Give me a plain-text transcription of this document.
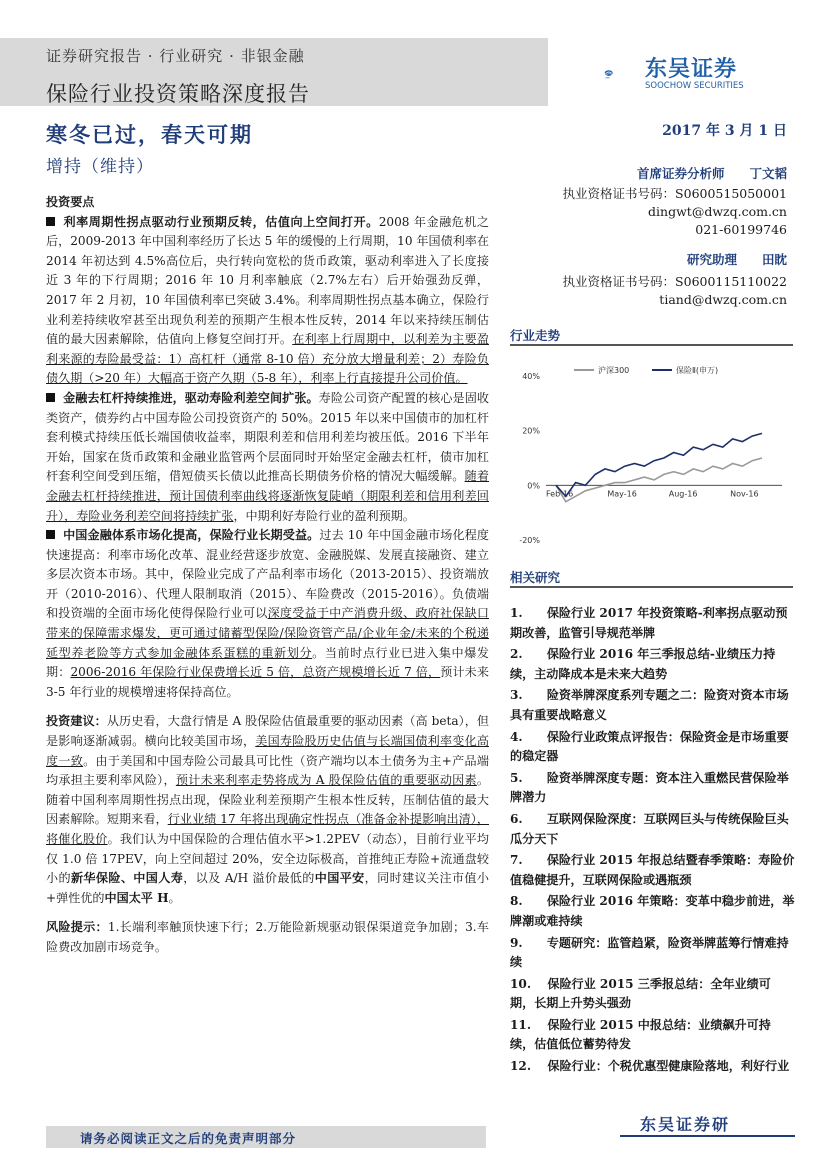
证券研究报告 · 行业研究 · 非银金融
保险行业投资策略深度报告
SCS 东吴证券
SOOCHOW SECURITIES
寒冬已过，春天可期
增持（维持）
2017 年 3 月 1 日
首席证券分析师　　 丁文韬
执业资格证书号码：S0600515050001
dingwt@dwzq.com.cn
021-60199746
研究助理　　 田眈
执业资格证书号码：S0600115110022
tiand@dwzq.com.cn
行业走势
40%
20%
0%
-20%
Feb-16	May-16	Aug-16	Nov-16
沪深300	保险Ⅱ(申万)
相关研究
1.　　保险行业 2017 年投资策略-利率拐点驱动预期改善，监管引导规范举牌
2.　　保险行业 2016 年三季报总结-业绩压力持续，主动降成本是未来大趋势
3.　　险资举牌深度系列专题之二：险资对资本市场具有重要战略意义
4.　　保险行业政策点评报告：保险资金是市场重要的稳定器
5.　　险资举牌深度专题：资本注入重燃民营保险举牌潜力
6.　　互联网保险深度：互联网巨头与传统保险巨头瓜分天下
7.　　保险行业 2015 年报总结暨春季策略：寿险价值稳健提升，互联网保险或遇瓶颈
8.　　保险行业 2016 年策略：变革中稳步前进，举牌潮或难持续
9.　　专题研究：监管趋紧，险资举牌蓝筹行情难持续
10.　 保险行业 2015 三季报总结：全年业绩可期，长期上升势头强劲
11.　 保险行业 2015 中报总结：业绩飙升可持续，估值低位蓄势待发
12.　 保险行业：个税优惠型健康险落地，利好行业

投资要点

利率周期性拐点驱动行业预期反转，估值向上空间打开。2008 年金融危机之后，2009-2013 年中国利率经历了长达 5 年的缓慢的上行周期，10 年国债利率在 2014 年初达到 4.5%高位后，央行转向宽松的货币政策，驱动利率进入了长度接近 3 年的下行周期；2016 年 10 月利率触底（2.7%左右）后开始强劲反弹，2017 年 2 月初，10 年国债利率已突破 3.4%。利率周期性拐点基本确立，保险行业利差持续收窄甚至出现负利差的预期产生根本性反转，2014 年以来持续压制估值的最大因素解除，估值向上修复空间打开。在利率上行周期中，以利差为主要盈利来源的寿险最受益：1）高杠杆（通常 8-10 倍）充分放大增量利差；2）寿险负债久期（>20 年）大幅高于资产久期（5-8 年），利率上行直接提升公司价值。

金融去杠杆持续推进，驱动寿险利差空间扩张。寿险公司资产配置的核心是固收类资产，债券约占中国寿险公司投资资产的 50%。2015 年以来中国债市的加杠杆套利模式持续压低长端国债收益率，期限利差和信用利差均被压低。2016 下半年开始，国家在货币政策和金融业监管两个层面同时开始坚定金融去杠杆，债市加杠杆套利空间受到压缩，借短债买长债以此推高长期债务价格的情况大幅缓解。随着金融去杠杆持续推进，预计国债利率曲线将逐渐恢复陡峭（期限利差和信用利差回升），寿险业务利差空间将持续扩张，中期利好寿险行业的盈利预期。

中国金融体系市场化提高，保险行业长期受益。过去 10 年中国金融市场化程度快速提高：利率市场化改革、混业经营逐步放宽、金融脱媒、发展直接融资、建立多层次资本市场。其中，保险业完成了产品利率市场化（2013-2015）、投资端放开（2010-2016）、代理人限制取消（2015）、车险费改（2015-2016）。负债端和投资端的全面市场化使得保险行业可以深度受益于中产消费升级、政府社保缺口带来的保障需求爆发，更可通过储蓄型保险/保险资管产品/企业年金/未来的个税递延型养老险等方式参加金融体系蛋糕的重新划分。当前时点行业已进入集中爆发期：2006-2016 年保险行业保费增长近 5 倍，总资产规模增长近 7 倍，预计未来 3-5 年行业的规模增速将保持高位。

投资建议：从历史看，大盘行情是 A 股保险估值最重要的驱动因素（高 beta），但是影响逐渐减弱。横向比较美国市场，美国寿险股历史估值与长端国债利率变化高度一致。由于美国和中国寿险公司最具可比性（资产端均以本土债务为主+产品端均承担主要利率风险），预计未来利率走势将成为 A 股保险估值的重要驱动因素。随着中国利率周期性拐点出现，保险业利差预期产生根本性反转，压制估值的最大因素解除。短期来看，行业业绩 17 年将出现确定性拐点（准备金补提影响出清），将催化股价。我们认为中国保险的合理估值水平>1.2PEV（动态），目前行业平均仅 1.0 倍 17PEV，向上空间超过 20%，安全边际极高，首推纯正寿险+流通盘较小的新华保险、中国人寿，以及 A/H 溢价最低的中国平安，同时建议关注市值小+弹性优的中国太平 H。

风险提示：1.长端利率触顶快速下行；2.万能险新规驱动银保渠道竞争加剧；3.车险费改加剧市场竞争。

请务必阅读正文之后的免责声明部分
东吴证券研
